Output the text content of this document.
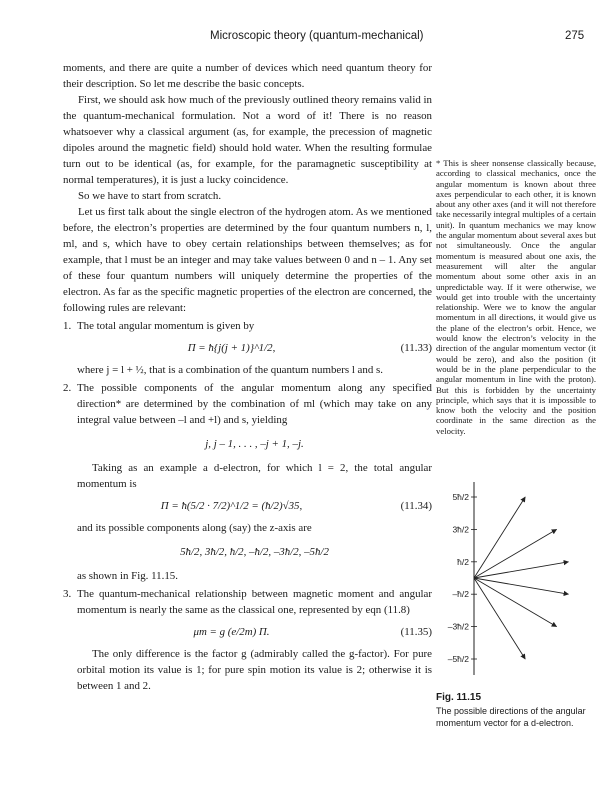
Microscopic theory (quantum-mechanical)	275

moments, and there are quite a number of devices which need quantum theory for their description. So let me describe the basic concepts.

First, we should ask how much of the previously outlined theory remains valid in the quantum-mechanical formulation. Not a word of it! There is no reason whatsoever why a classical argument (as, for example, the precession of magnetic dipoles around the magnetic field) should hold water. When the resulting formulae turn out to be identical (as, for example, for the paramagnetic susceptibility at normal temperatures), it is just a lucky coincidence.

So we have to start from scratch.

Let us first talk about the single electron of the hydrogen atom. As we mentioned before, the electron’s properties are determined by the four quantum numbers n, l, ml, and s, which have to obey certain relationships between themselves; as for example, that l must be an integer and may take values between 0 and n – 1. Any set of these four quantum numbers will uniquely determine the properties of the electron. As far as the specific magnetic properties of the electron are concerned, the following rules are relevant:

1. The total angular momentum is given by

Π = ħ{j(j + 1)}^1/2,	(11.33)

where j = l + ½, that is a combination of the quantum numbers l and s.

2. The possible components of the angular momentum along any specified direction* are determined by the combination of ml (which may take on any integral value between –l and +l) and s, yielding

j, j – 1, . . . , –j + 1, –j.

Taking as an example a d-electron, for which l = 2, the total angular momentum is

Π = ħ(5/2 · 7/2)^1/2 = (ħ/2)√35,	(11.34)

and its possible components along (say) the z-axis are

5ħ/2, 3ħ/2, ħ/2, –ħ/2, –3ħ/2, –5ħ/2

as shown in Fig. 11.15.

3. The quantum-mechanical relationship between magnetic moment and angular momentum is nearly the same as the classical one, represented by eqn (11.8)

μm = g (e/2m) Π.	(11.35)

The only difference is the factor g (admirably called the g-factor). For pure orbital motion its value is 1; for pure spin motion its value is 2; otherwise it is between 1 and 2.

* This is sheer nonsense classically because, according to classical mechanics, once the angular momentum is known about three axes perpendicular to each other, it is known about any other axes (and it will not therefore take necessarily integral multiples of a certain unit). In quantum mechanics we may know the angular momentum about several axes but not simultaneously. Once the angular momentum is measured about one axis, the measurement will alter the angular momentum about some other axis in an unpredictable way. If it were otherwise, we would get into trouble with the uncertainty relationship. Were we to know the angular momentum in all directions, it would give us the plane of the electron’s orbit. Hence, we would know the electron’s velocity in the direction of the angular momentum vector (it would be zero), and also the position (it would be in the plane perpendicular to the angular momentum in line with the proton). But this is forbidden by the uncertainty principle, which says that it is impossible to know both the velocity and the position coordinate in the same direction as the velocity.

5ħ/2
3ħ/2
ħ/2
–ħ/2
–3ħ/2
–5ħ/2
Fig. 11.15
The possible directions of the angular momentum vector for a d-electron.
